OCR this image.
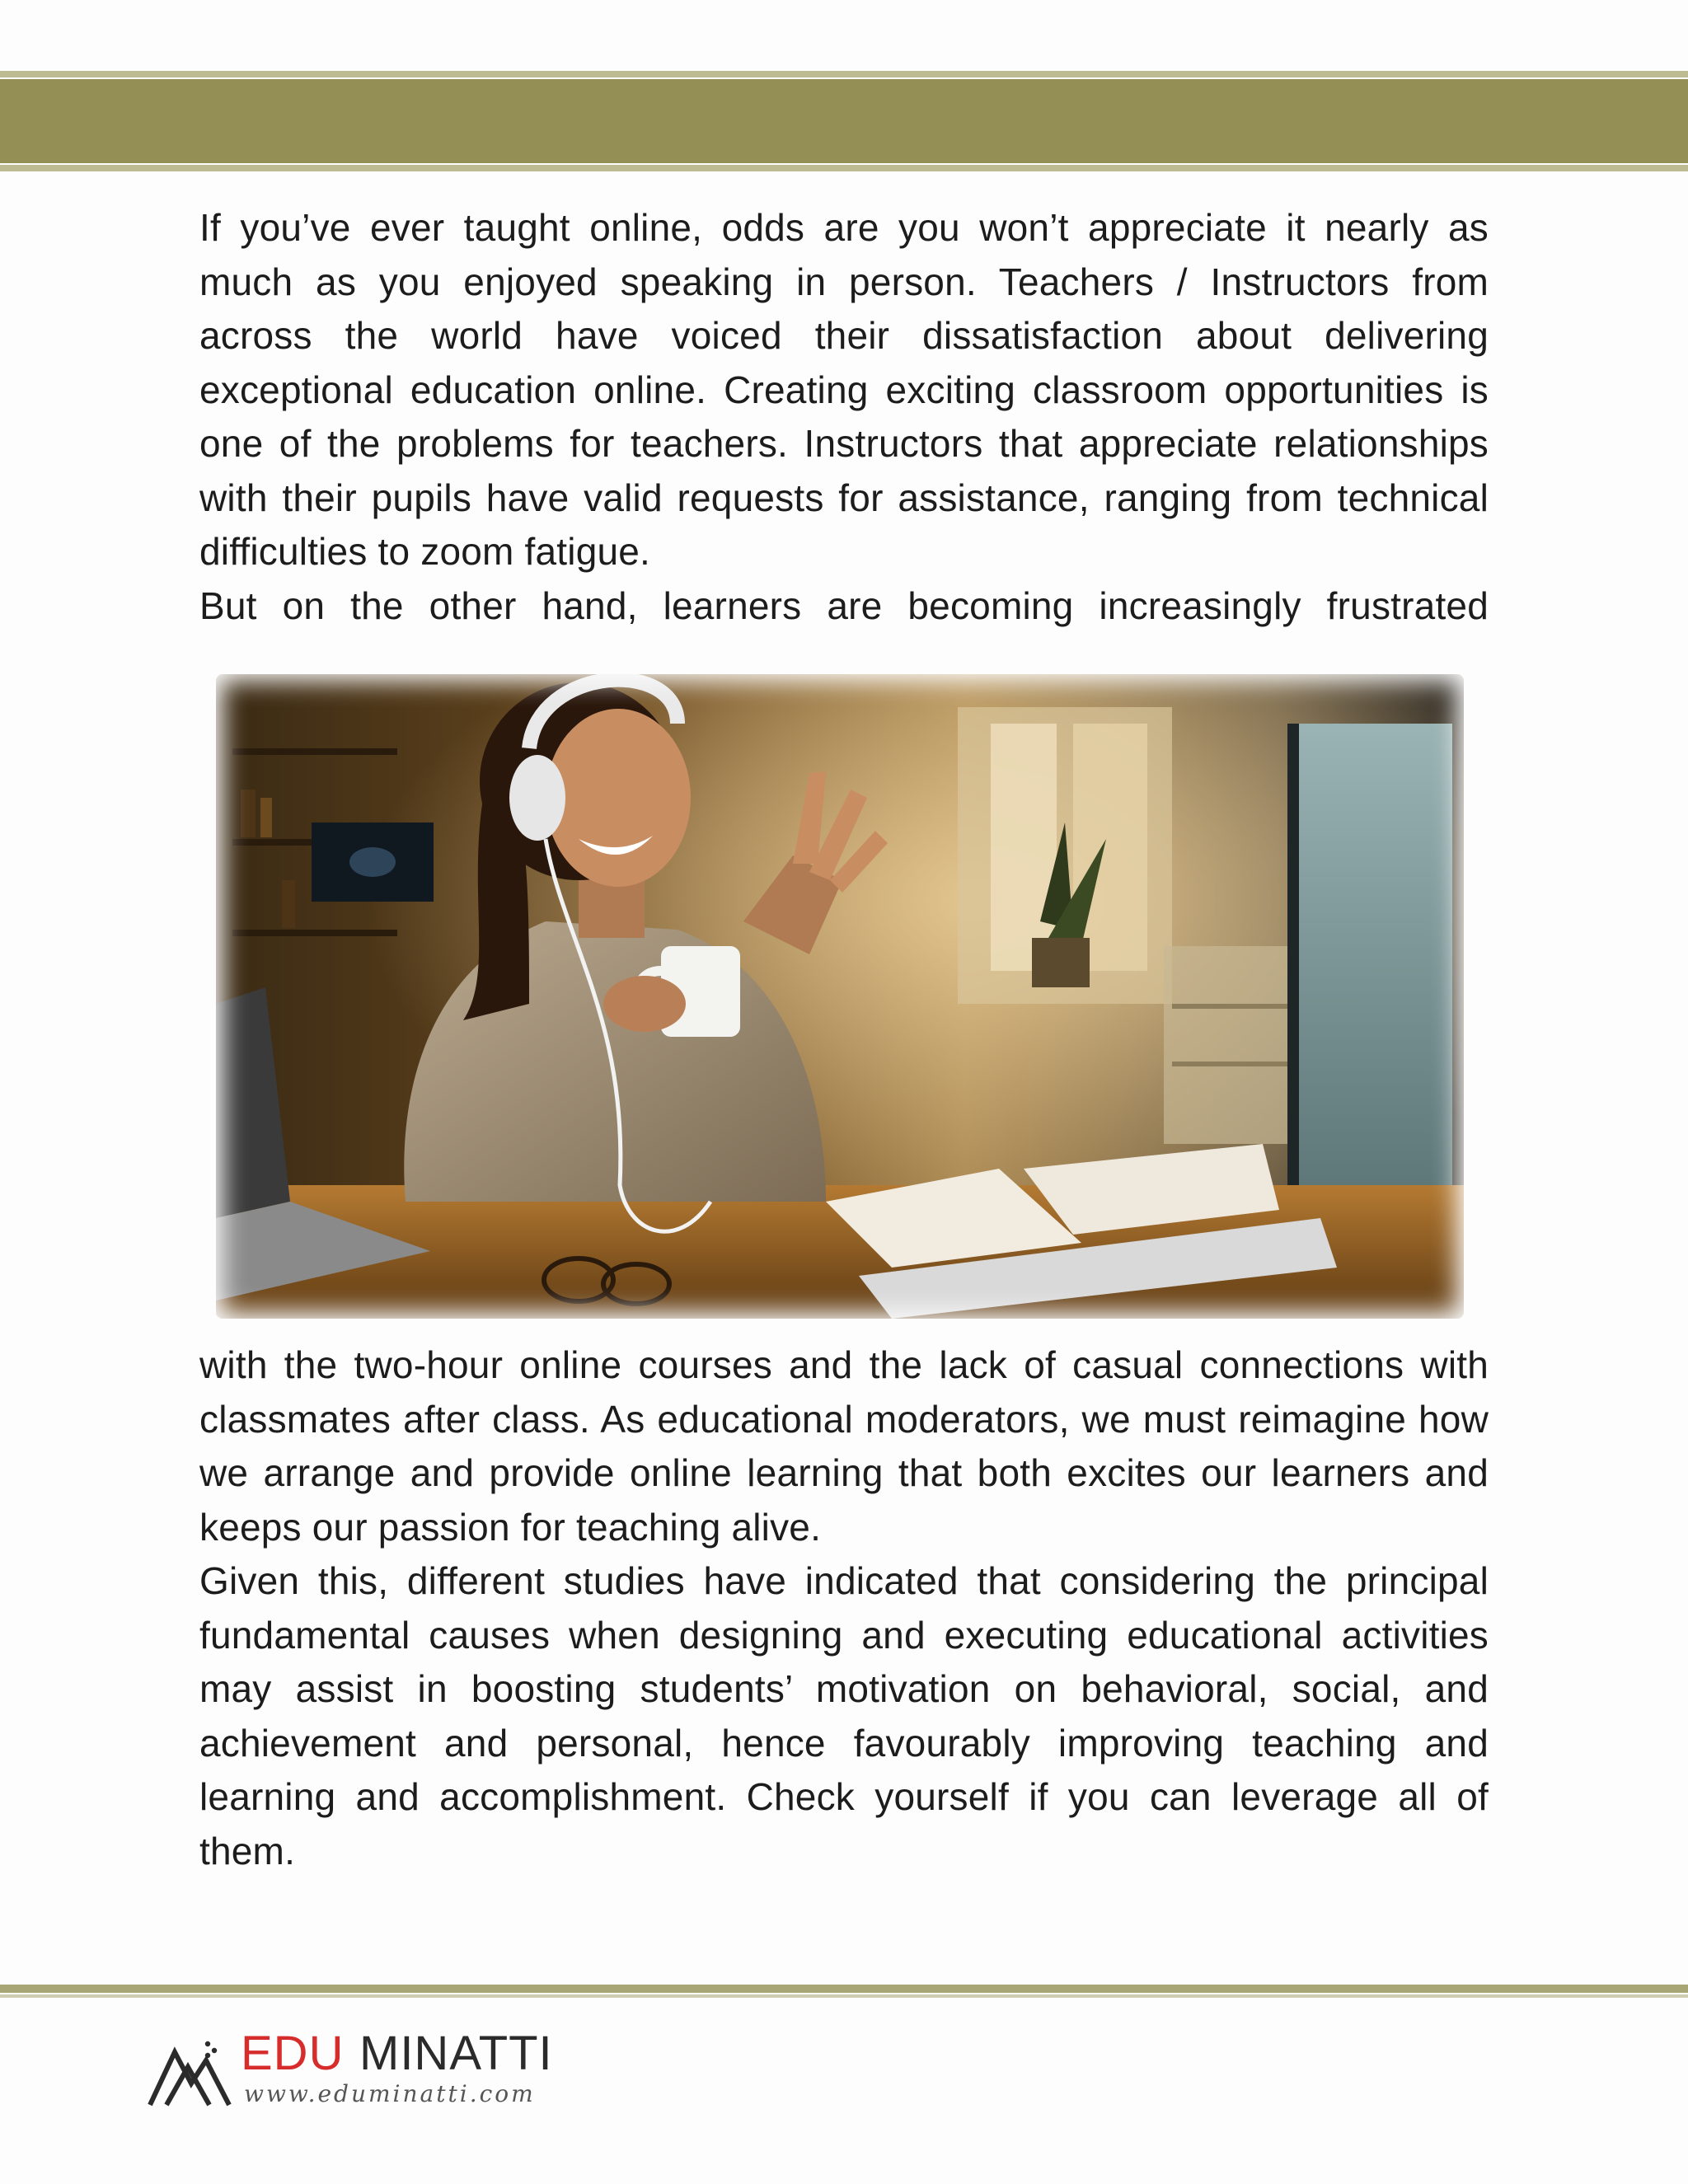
If you’ve ever taught online, odds are you won’t appreciate it nearly as much as you enjoyed speaking in person. Teachers / Instructors from across the world have voiced their dissatisfaction about delivering exceptional education online. Creating exciting classroom opportunities is one of the problems for teachers. Instructors that appreciate relationships with their pupils have valid requests for assistance, ranging from technical difficulties to zoom fatigue.

But on the other hand, learners are becoming increasingly frustrated

with the two-hour online courses and the lack of casual connections with classmates after class. As educational moderators, we must reimagine how we arrange and provide online learning that both excites our learners and keeps our passion for teaching alive.

Given this, different studies have indicated that considering the principal fundamental causes when designing and executing educational activities may assist in boosting students’ motivation on behavioral, social, and achievement and personal, hence favourably improving teaching and learning and accomplishment. Check yourself if you can leverage all of them.

EDU MINATTI
www.eduminatti.com
